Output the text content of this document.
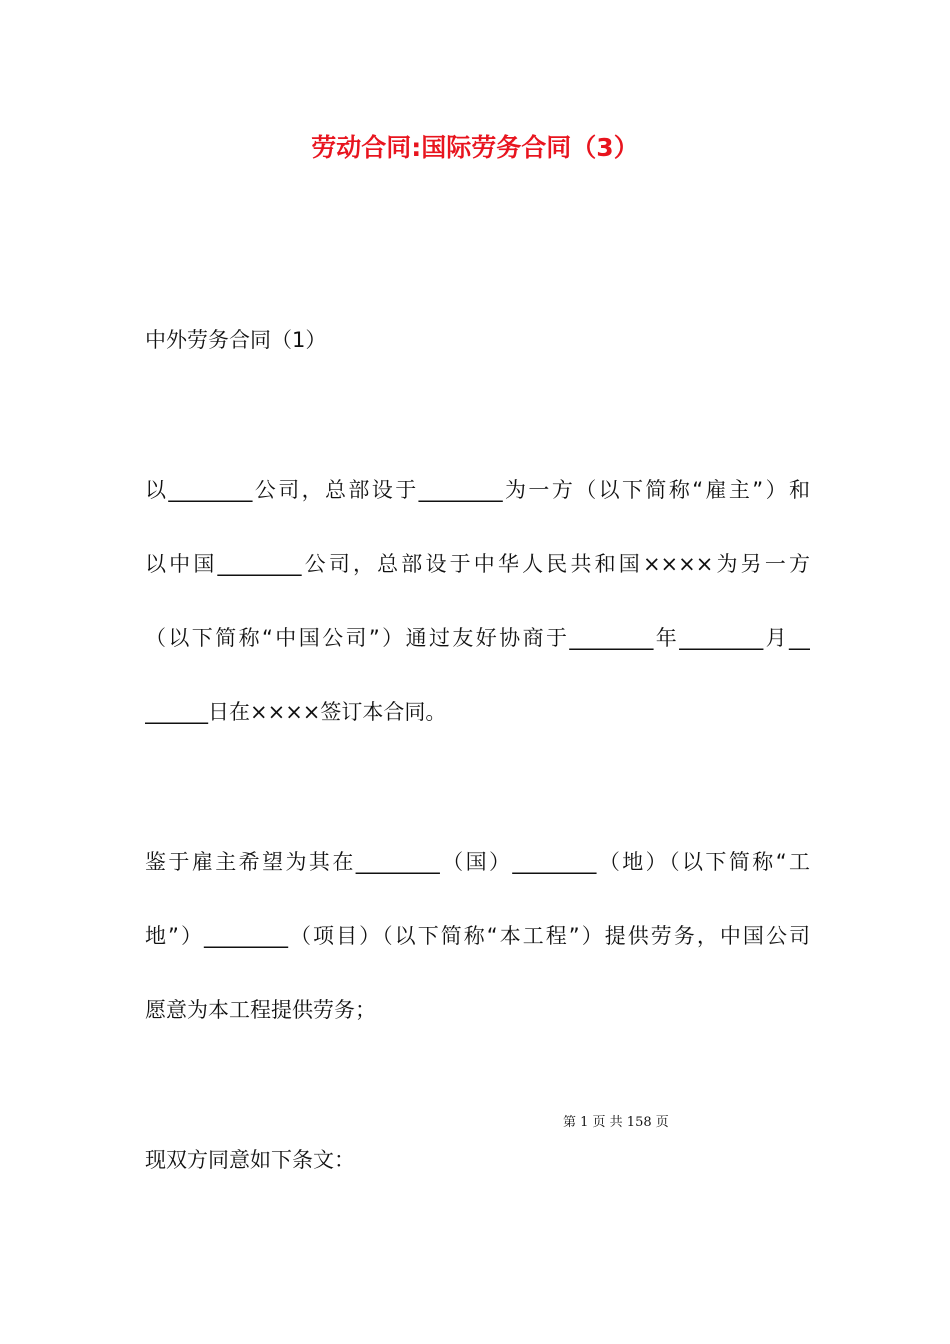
劳动合同:国际劳务合同（3）
中外劳务合同（1）
以________公司，总部设于________为一方（以下简称“雇主”）和
以中国________公司，总部设于中华人民共和国××××为另一方
（以下简称“中国公司”）通过友好协商于________年________月__
______日在××××签订本合同。
鉴于雇主希望为其在________（国）________（地）（以下简称“工
地”）________（项目）（以下简称“本工程”）提供劳务，中国公司
愿意为本工程提供劳务；
第 1 页 共 158 页
现双方同意如下条文：
